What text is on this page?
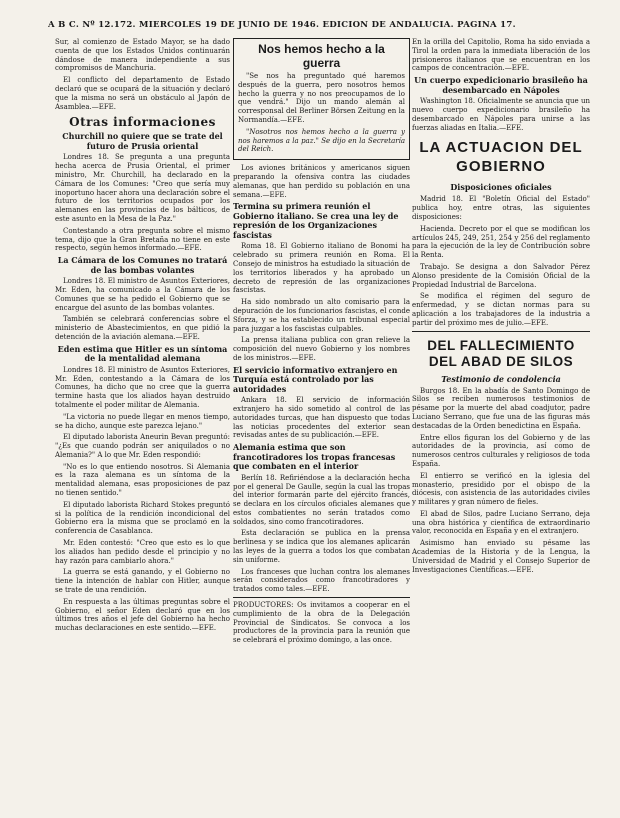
A B C. Nº 12.172. MIERCOLES 19 DE JUNIO DE 1946. EDICION DE ANDALUCIA. PAGINA 17.

Sur, al comienzo de Estado Mayor, se ha dado cuenta de que los Estados Unidos continuarán dándose de manera independiente a sus compromisos de Manchuria.

El conflicto del departamento de Estado declaró que se ocupará de la situación y declaró que la misma no será un obstáculo al Japón de Asamblea.—EFE.

Otras informaciones
Churchill no quiere que se trate del futuro de Prusia oriental

Londres 18. Se pregunta a una pregunta hecha acerca de Prusia Oriental, el primer ministro, Mr. Churchill, ha declarado en la Cámara de los Comunes: "Creo que sería muy inoportuno hacer ahora una declaración sobre el futuro de los territorios ocupados por los alemanes en las provincias de los bálticos, de este asunto en la Mesa de la Paz."

Contestando a otra pregunta sobre el mismo tema, dijo que la Gran Bretaña no tiene en este respecto, según hemos informado.—EFE.

La Cámara de los Comunes no tratará de las bombas volantes

Londres 18. El ministro de Asuntos Exteriores, Mr. Eden, ha comunicado a la Cámara de los Comunes que se ha pedido el Gobierno que se encargue del asunto de las bombas volantes.

También se celebrará conferencias sobre el ministerio de Abastecimientos, en que pidió la detención de la aviación alemana.—EFE.

Eden estima que Hitler es un síntoma de la mentalidad alemana

Londres 18. El ministro de Asuntos Exteriores, Mr. Eden, contestando a la Cámara de los Comunes, ha dicho que no cree que la guerra termine hasta que los aliados hayan destruido totalmente el poder militar de Alemania.

"La victoria no puede llegar en menos tiempo, se ha dicho, aunque este parezca lejano."

El diputado laborista Aneurin Bevan preguntó: "¿Es que cuando podrán ser aniquilados o no Alemania?" A lo que Mr. Eden respondió:

"No es lo que entiendo nosotros. Si Alemania es la raza alemana es un síntoma de la mentalidad alemana, esas proposiciones de paz no tienen sentido."

El diputado laborista Richard Stokes preguntó si la política de la rendición incondicional del Gobierno era la misma que se proclamó en la conferencia de Casablanca.

Mr. Eden contestó: "Creo que esto es lo que los aliados han pedido desde el principio y no hay razón para cambiarlo ahora."

La guerra se está ganando, y el Gobierno no tiene la intención de hablar con Hitler, aunque se trate de una rendición.

En respuesta a las últimas preguntas sobre el Gobierno, el señor Eden declaró que en los últimos tres años el jefe del Gobierno ha hecho muchas declaraciones en este sentido.—EFE.

Nos hemos hecho a la guerra

"Se nos ha preguntado qué haremos después de la guerra, pero nosotros hemos hecho la guerra y no nos preocupamos de lo que vendrá." Dijo un mando alemán al corresponsal del Berliner Börsen Zeitung en la Normandía.—EFE.

"Nosotros nos hemos hecho a la guerra y nos haremos a la paz." Se dijo en la Secretaría del Reich.

Los aviones británicos y americanos siguen preparando la ofensiva contra las ciudades alemanas, que han perdido su población en una semana.—EFE.

Termina su primera reunión el Gobierno italiano. Se crea una ley de represión de los Organizaciones fascistas

Roma 18. El Gobierno italiano de Bonomi ha celebrado su primera reunión en Roma. El Consejo de ministros ha estudiado la situación de los territorios liberados y ha aprobado un decreto de represión de las organizaciones fascistas.

Ha sido nombrado un alto comisario para la depuración de los funcionarios fascistas, el conde Sforza, y se ha establecido un tribunal especial para juzgar a los fascistas culpables.

La prensa italiana publica con gran relieve la composición del nuevo Gobierno y los nombres de los ministros.—EFE.

El servicio informativo extranjero en Turquía está controlado por las autoridades

Ankara 18. El servicio de información extranjero ha sido sometido al control de las autoridades turcas, que han dispuesto que todas las noticias procedentes del exterior sean revisadas antes de su publicación.—EFE.

Alemania estima que son francotiradores los tropas francesas que combaten en el interior

Berlín 18. Refiriéndose a la declaración hecha por el general De Gaulle, según la cual las tropas del interior formarán parte del ejército francés, se declara en los círculos oficiales alemanes que estos combatientes no serán tratados como soldados, sino como francotiradores.

Esta declaración se publica en la prensa berlinesa y se indica que los alemanes aplicarán las leyes de la guerra a todos los que combatan sin uniforme.

Los franceses que luchan contra los alemanes serán considerados como francotiradores y tratados como tales.—EFE.

PRODUCTORES: Os invitamos a cooperar en el cumplimiento de la obra de la Delegación Provincial de Sindicatos. Se convoca a los productores de la provincia para la reunión que se celebrará el próximo domingo, a las once.

En la orilla del Capitolio, Roma ha sido enviada a Tirol la orden para la inmediata liberación de los prisioneros italianos que se encuentran en los campos de concentración.—EFE.

Un cuerpo expedicionario brasileño ha desembarcado en Nápoles

Washington 18. Oficialmente se anuncia que un nuevo cuerpo expedicionario brasileño ha desembarcado en Nápoles para unirse a las fuerzas aliadas en Italia.—EFE.

LA ACTUACION DEL GOBIERNO
Disposiciones oficiales

Madrid 18. El "Boletín Oficial del Estado" publica hoy, entre otras, las siguientes disposiciones:

Hacienda. Decreto por el que se modifican los artículos 245, 249, 251, 254 y 256 del reglamento para la ejecución de la ley de Contribución sobre la Renta.

Trabajo. Se designa a don Salvador Pérez Alonso presidente de la Comisión Oficial de la Propiedad Industrial de Barcelona.

Se modifica el régimen del seguro de enfermedad, y se dictan normas para su aplicación a los trabajadores de la industria a partir del próximo mes de julio.—EFE.

DEL FALLECIMIENTO DEL ABAD DE SILOS
Testimonio de condolencia

Burgos 18. En la abadía de Santo Domingo de Silos se reciben numerosos testimonios de pésame por la muerte del abad coadjutor, padre Luciano Serrano, que fue una de las figuras más destacadas de la Orden benedictina en España.

Entre ellos figuran los del Gobierno y de las autoridades de la provincia, así como de numerosos centros culturales y religiosos de toda España.

El entierro se verificó en la iglesia del monasterio, presidido por el obispo de la diócesis, con asistencia de las autoridades civiles y militares y gran número de fieles.

El abad de Silos, padre Luciano Serrano, deja una obra histórica y científica de extraordinario valor, reconocida en España y en el extranjero.

Asimismo han enviado su pésame las Academias de la Historia y de la Lengua, la Universidad de Madrid y el Consejo Superior de Investigaciones Científicas.—EFE.
